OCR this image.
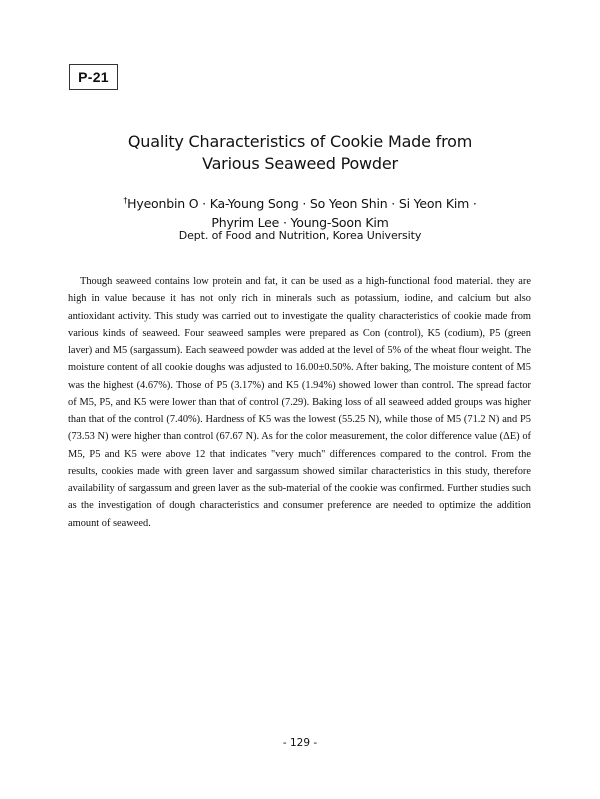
P-21
Quality Characteristics of Cookie Made from
Various Seaweed Powder
†Hyeonbin O · Ka-Young Song · So Yeon Shin · Si Yeon Kim ·
Phyrim Lee · Young-Soon Kim
Dept. of Food and Nutrition, Korea University

Though seaweed contains low protein and fat, it can be used as a high-functional food material. they are high in value because it has not only rich in minerals such as potassium, iodine, and calcium but also antioxidant activity. This study was carried out to investigate the quality characteristics of cookie made from various kinds of seaweed. Four seaweed samples were prepared as Con (control), K5 (codium), P5 (green laver) and M5 (sargassum). Each seaweed powder was added at the level of 5% of the wheat flour weight. The moisture content of all cookie doughs was adjusted to 16.00±0.50%. After baking, The moisture content of M5 was the highest (4.67%). Those of P5 (3.17%) and K5 (1.94%) showed lower than control. The spread factor of M5, P5, and K5 were lower than that of control (7.29). Baking loss of all seaweed added groups was higher than that of the control (7.40%). Hardness of K5 was the lowest (55.25 N), while those of M5 (71.2 N) and P5 (73.53 N) were higher than control (67.67 N). As for the color measurement, the color difference value (ΔE) of M5, P5 and K5 were above 12 that indicates "very much" differences compared to the control. From the results, cookies made with green laver and sargassum showed similar characteristics in this study, therefore availability of sargassum and green laver as the sub-material of the cookie was confirmed. Further studies such as the investigation of dough characteristics and consumer preference are needed to optimize the addition amount of seaweed.

- 129 -
